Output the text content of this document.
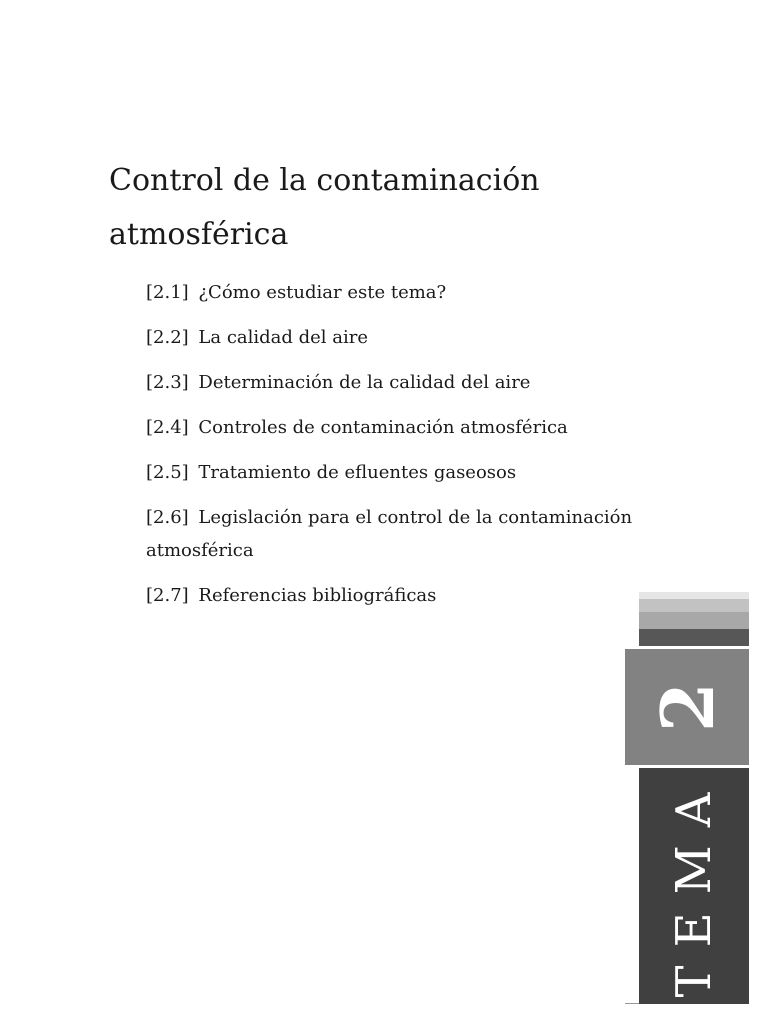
Control de la contaminación atmosférica
[2.1] ¿Cómo estudiar este tema?
[2.2] La calidad del aire
[2.3] Determinación de la calidad del aire
[2.4] Controles de contaminación atmosférica
[2.5] Tratamiento de efluentes gaseosos
[2.6] Legislación para el control de la contaminación atmosférica
[2.7] Referencias bibliográficas
2
TEMA
